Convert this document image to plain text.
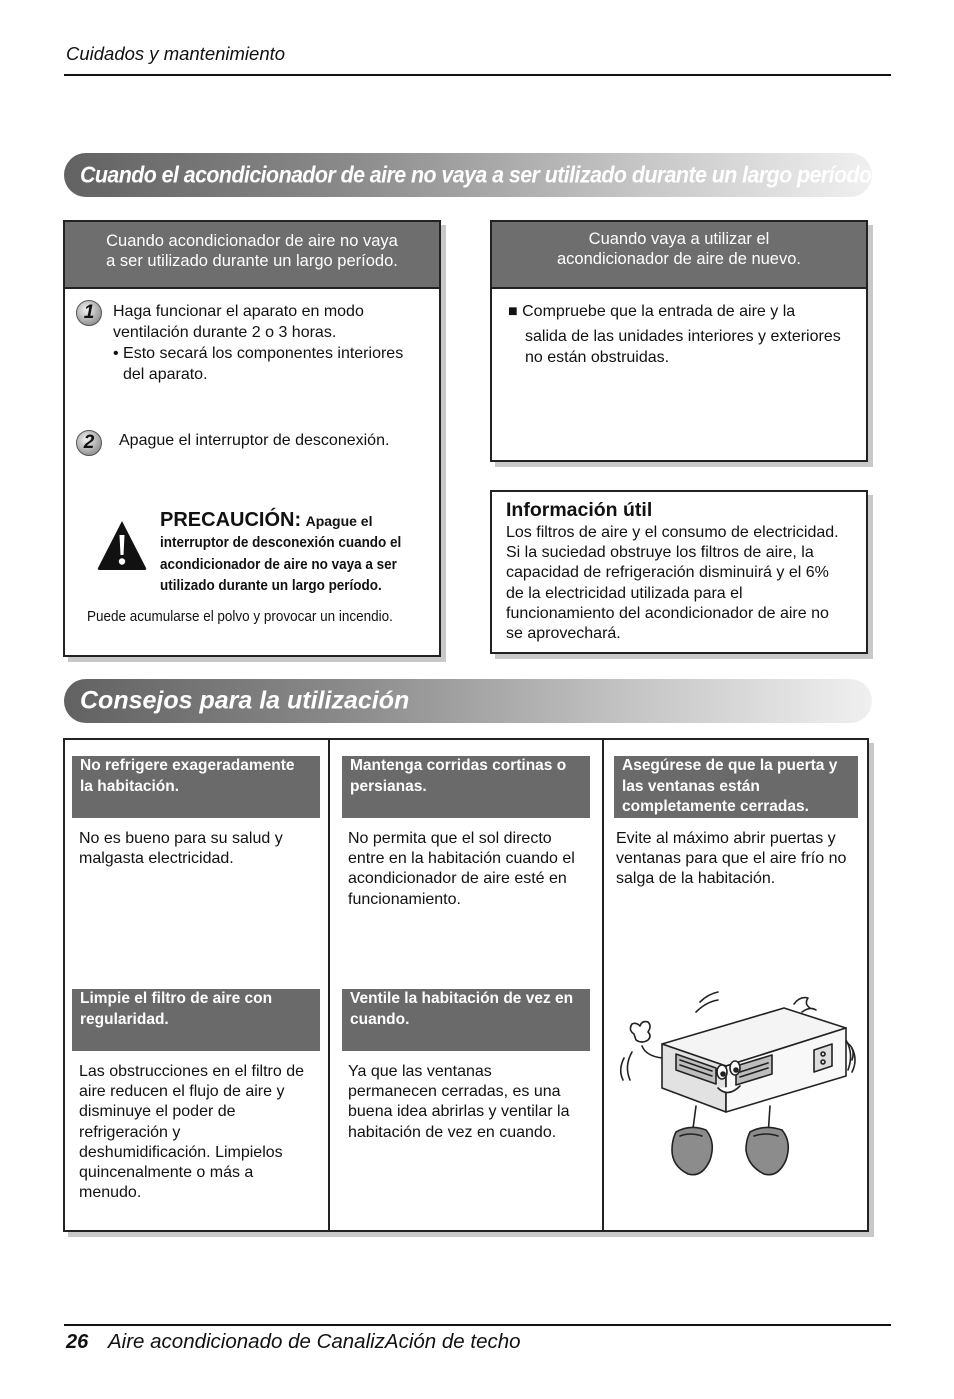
Cuidados y mantenimiento
Cuando el acondicionador de aire no vaya a ser utilizado durante un largo período.
Cuando acondicionador de aire no vaya
a ser utilizado durante un largo período.
1	Haga funcionar el aparato en modo
ventilación durante 2 o 3 horas.
• Esto secará los componentes interiores
del aparato.
2	Apague el interruptor de desconexión.
PRECAUCIÓN: Apague el
interruptor de desconexión cuando el
acondicionador de aire no vaya a ser
utilizado durante un largo período.
Puede acumularse el polvo y provocar un incendio.
Cuando vaya a utilizar el
acondicionador de aire de nuevo.
■ Compruebe que la entrada de aire y la
salida de las unidades interiores y exteriores
no están obstruidas.
Información útil
Los filtros de aire y el consumo de electricidad.
Si la suciedad obstruye los filtros de aire, la
capacidad de refrigeración disminuirá y el 6%
de la electricidad utilizada para el
funcionamiento del acondicionador de aire no
se aprovechará.
Consejos para la utilización
No refrigere exageradamente
la habitación.
No es bueno para su salud y
malgasta electricidad.
Mantenga corridas cortinas o
persianas.
No permita que el sol directo
entre en la habitación cuando el
acondicionador de aire esté en
funcionamiento.
Asegúrese de que la puerta y
las ventanas están
completamente cerradas.
Evite al máximo abrir puertas y
ventanas para que el aire frío no
salga de la habitación.
Limpie el filtro de aire con
regularidad.
Las obstrucciones en el filtro de
aire reducen el flujo de aire y
disminuye el poder de
refrigeración y
deshumidificación. Limpielos
quincenalmente o más a
menudo.
Ventile la habitación de vez en
cuando.
Ya que las ventanas
permanecen cerradas, es una
buena idea abrirlas y ventilar la
habitación de vez en cuando.
26 Aire acondicionado de CanalizAción de techo
